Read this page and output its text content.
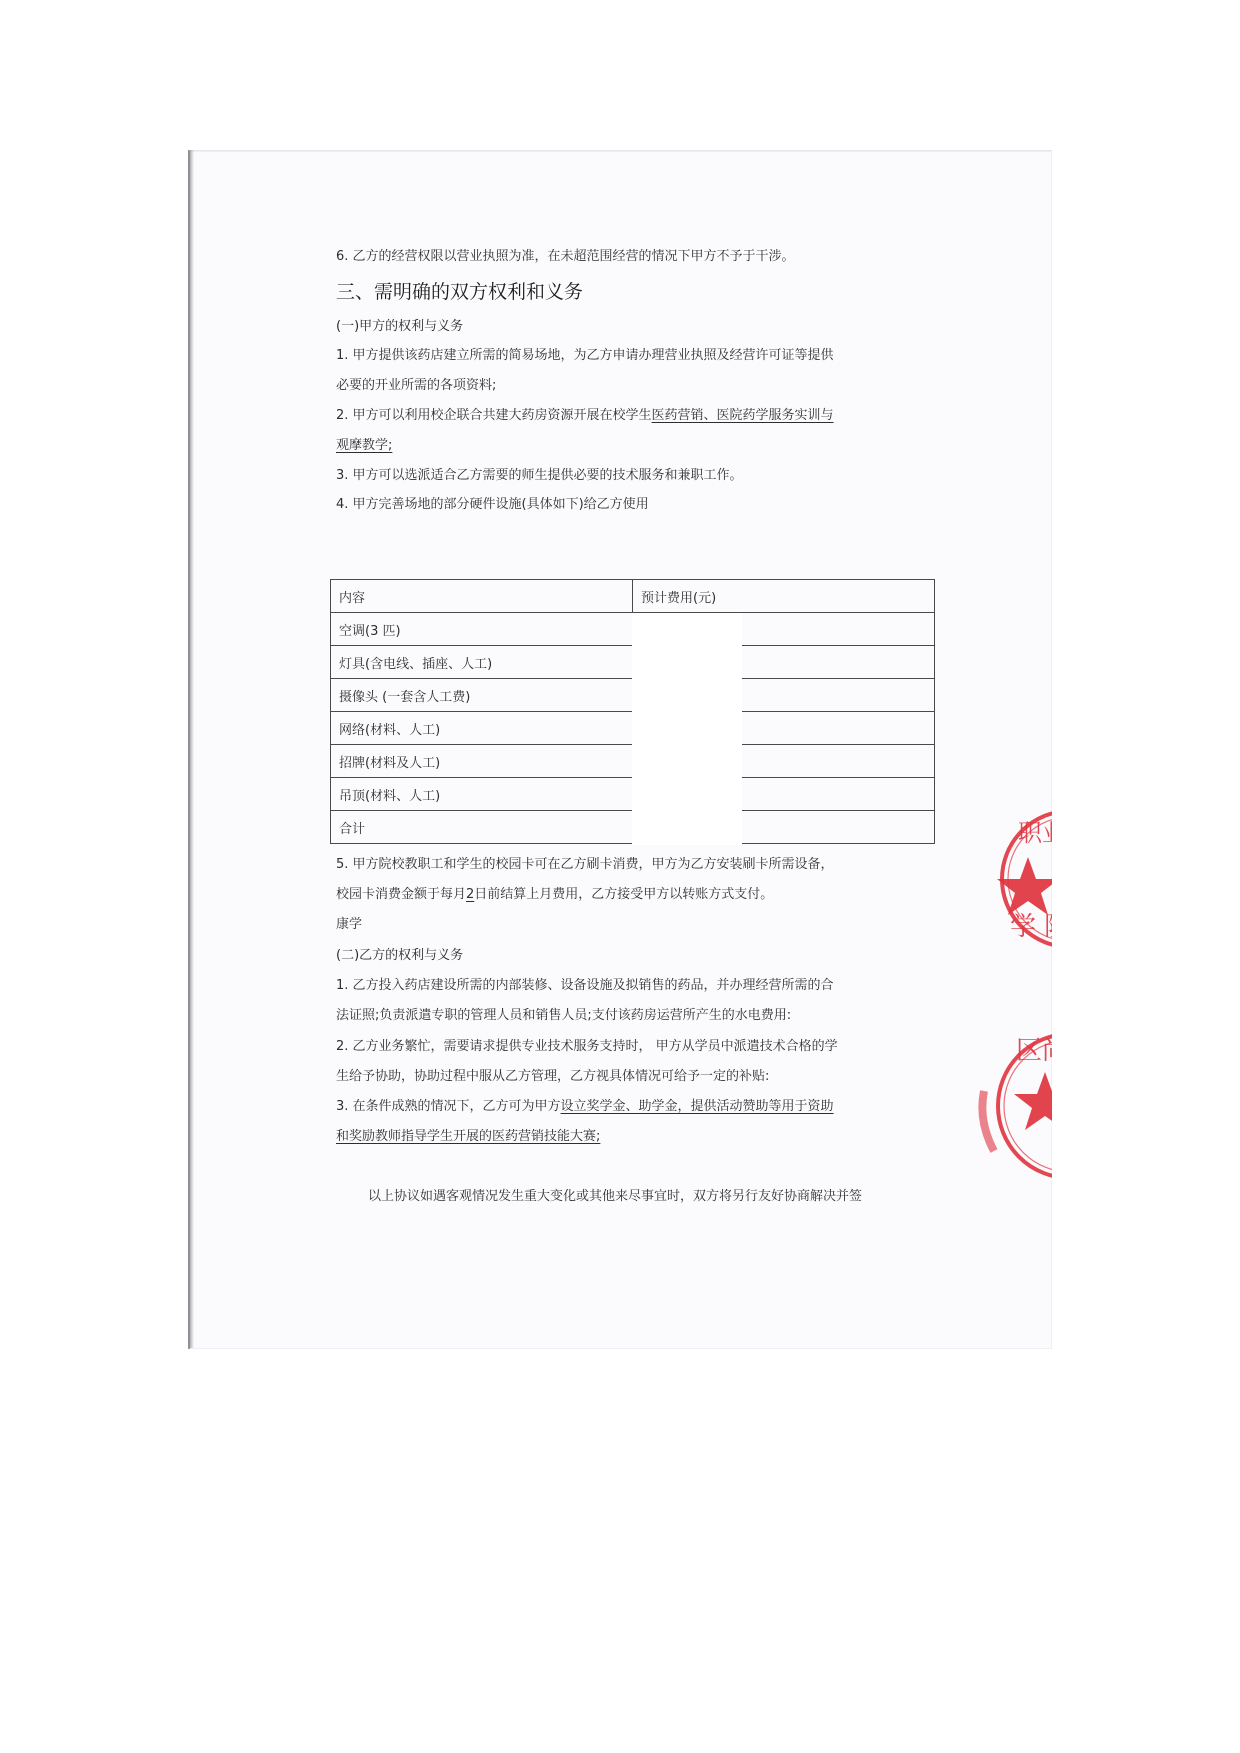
6. 乙方的经营权限以营业执照为准，在未超范围经营的情况下甲方不予于干涉。
三、需明确的双方权利和义务
(一)甲方的权利与义务
1. 甲方提供该药店建立所需的简易场地，为乙方申请办理营业执照及经营许可证等提供
必要的开业所需的各项资料;
2. 甲方可以利用校企联合共建大药房资源开展在校学生医药营销、医院药学服务实训与
观摩教学;
3. 甲方可以选派适合乙方需要的师生提供必要的技术服务和兼职工作。
4. 甲方完善场地的部分硬件设施(具体如下)给乙方使用
内容	预计费用(元)
空调(3 匹)	
灯具(含电线、插座、人工)	
摄像头 (一套含人工费)	
网络(材料、人工)	
招牌(材料及人工)	
吊顶(材料、人工)	
合计	
5. 甲方院校教职工和学生的校园卡可在乙方刷卡消费，甲方为乙方安装刷卡所需设备，
校园卡消费金额于每月2日前结算上月费用，乙方接受甲方以转账方式支付。
康学
(二)乙方的权利与义务
1. 乙方投入药店建设所需的内部装修、设备设施及拟销售的药品，并办理经营所需的合
法证照;负责派遣专职的管理人员和销售人员;支付该药房运营所产生的水电费用:
2. 乙方业务繁忙，需要请求提供专业技术服务支持时， 甲方从学员中派遣技术合格的学
生给予协助，协助过程中服从乙方管理，乙方视具体情况可给予一定的补贴:
3. 在条件成熟的情况下，乙方可为甲方设立奖学金、助学金，提供活动赞助等用于资助
和奖励教师指导学生开展的医药营销技能大赛;
以上协议如遇客观情况发生重大变化或其他来尽事宜时，双方将另行友好协商解决并签
职业
学 院
区尚
